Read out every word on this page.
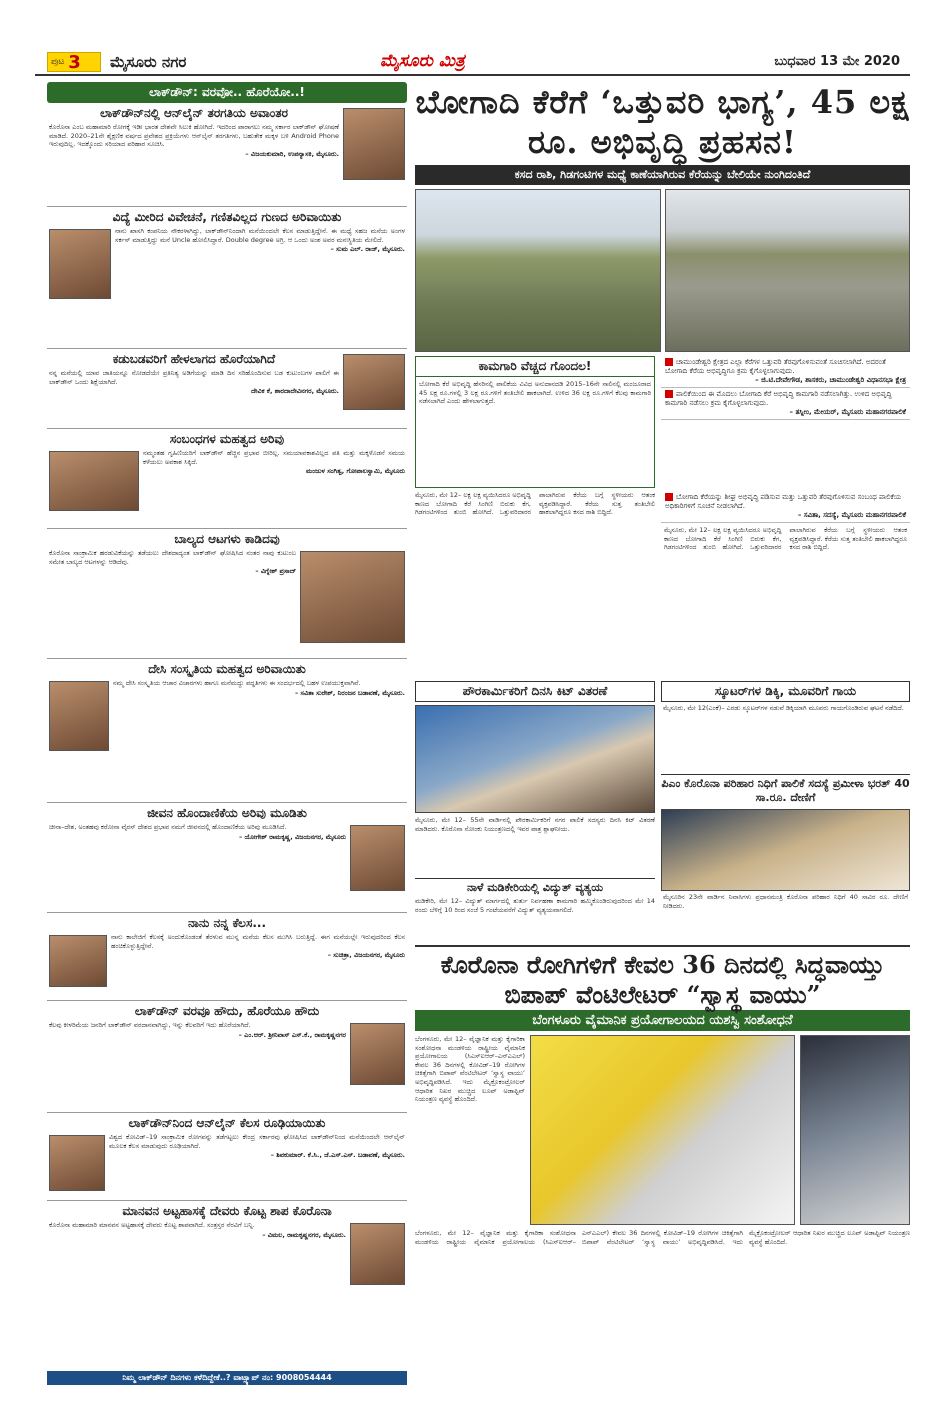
ಪುಟ 3 ಮೈಸೂರು ನಗರ	ಮೈಸೂರು ಮಿತ್ರ	ಬುಧವಾರ 13 ಮೇ 2020
ಲಾಕ್‌ಡೌನ್: ವರವೋ.. ಹೊರೆಯೋ..!
ಲಾಕ್‌ಡೌನ್‌ನಲ್ಲಿ ಆನ್‌ಲೈನ್ ತರಗತಿಯ ಅವಾಂತರ
ಕೊರೊನಾ ಎಂಬ ಮಹಾಮಾರಿ ರೋಗಕ್ಕೆ ಇಡೀ ಭಾರತ ದೇಶವೇ ಸಿಲುಕಿ ಹೋಗಿದೆ. ಇದರಿಂದ ಪಾರಾಗಲು ನಮ್ಮ ಸರ್ಕಾರ ಲಾಕ್‌ಡೌನ್ ಘೋಷಣೆ ಮಾಡಿದೆ. 2020–21ನೇ ಶೈಕ್ಷಣಿಕ ವರ್ಷದ ಪ್ರವೇಶದ ಪ್ರಕ್ರಿಯೆಗಳು ಆನ್‌ಲೈನ್ ತರಗತಿಗಳು, ಬಹುತೇಕ ಮಕ್ಕಳ ಬಳಿ Android Phone ಇರುವುದಿಲ್ಲ. ಇದಕ್ಕೊಂದು ಸರಿಯಾದ ಪರಿಹಾರ ಸೂಚಿಸಿ.
– ವಿಜಯಕುಮಾರಿ, ಉಪನ್ಯಾಸಕಿ, ಮೈಸೂರು.
ವಿದ್ಯೆ ಮೀರಿದ ವಿವೇಚನೆ, ಗಣಿತವಿಲ್ಲದ ಗುಣದ ಅರಿವಾಯಿತು
ನಾನು ಖಾಸಗಿ ಕಂಪನಿಯ ನೌಕರಳಾಗಿದ್ದು, ಲಾಕ್‌ಡೌನ್‌ನಿಂದಾಗಿ ಮನೆಯಿಂದಲೇ ಕೆಲಸ ಮಾಡುತ್ತಿದ್ದೇನೆ. ಈ ಮಧ್ಯೆ ಸಹಜ ಮನೆಯ ಅಂಗಳ ಸರ್ಕಸ್ ಮಾಡುತ್ತಿದ್ದು ಮನೆ Uncle ಹೋಲಿಸಿದ್ದಾರೆ. Double degree ಅಗ್ರಿ. ಆ ಒಂದು ಅಂಶ ಅವರ ಮನಃಸ್ಥಿತಿಯ ಮೇಲಿದೆ.
– ಸುಮ ಎಲ್. ರಾಜ್, ಮೈಸೂರು.
ಕಡುಬಡವರಿಗೆ ಹೇಳಲಾಗದ ಹೊರೆಯಾಗಿದೆ
ನನ್ನ ಮನೆಯಲ್ಲಿ ಯಾವ ಜಾತಿಯನ್ನೂ ನೋಡದೆಯೇ ಪ್ರತಿನಿತ್ಯ ಅಡಿಗೆಯನ್ನು ಮಾಡಿ ದಿನ ಸರಿಹೊಂದಿಸುವ ಬಡ ಕುಟುಂಬಗಳ ಪಾಲಿಗೆ ಈ ಲಾಕ್‌ಡೌನ್ ಒಂದು ಶಿಕ್ಷೆಯಾಗಿದೆ.
ದೇವಿಕ ಕೆ, ಶಾರದಾದೇವಿನಗರ, ಮೈಸೂರು.
ಸಂಬಂಧಗಳ ಮಹತ್ವದ ಅರಿವು
ನಮ್ಮಂತಹ ಗೃಹಿಣಿಯರಿಗೆ ಲಾಕ್‌ಡೌನ್ ಹೆಚ್ಚಿನ ಪ್ರಭಾವ ಬೀರಿಲ್ಲ. ಸಮಯಾವಕಾಶವಿಲ್ಲದ ಪತಿ ಮತ್ತು ಮಕ್ಕಳೊಡನೆ ಸಮಯ ಕಳೆಯಲು ಅವಕಾಶ ಸಿಕ್ಕಿದೆ.
ಮಂಜುಳ ಸಂಗಿತ್ವ, ಗೋಪಾಲಸ್ವಾಮಿ, ಮೈಸೂರು
ಬಾಲ್ಯದ ಆಟಗಳು ಕಾಡಿದವು
ಕೊರೊನಾ ಸಾಂಕ್ರಾಮಿಕ ಹರಡುವಿಕೆಯನ್ನು ತಡೆಯಲು ದೇಶದಾದ್ಯಂತ ಲಾಕ್‌ಡೌನ್ ಘೋಷಿಸಿದ ನಂತರ ನಾವು ಕುಟುಂಬ ಸಮೇತ ಬಾಲ್ಯದ ಆಟಗಳನ್ನು ಆಡಿದೆವು.
– ವಿಗ್ನೇಶ್ ಪ್ರಸಾದ್
ದೇಸಿ ಸಂಸ್ಕೃತಿಯ ಮಹತ್ವದ ಅರಿವಾಯಿತು
ನಮ್ಮ ದೇಸಿ ಸಂಸ್ಕೃತಿಯ ಆಚಾರ ವಿಚಾರಗಳು ಹಾಗೂ ಮನೆಮದ್ದು ಪದ್ಧತಿಗಳು ಈ ಸಂದರ್ಭದಲ್ಲಿ ಬಹಳ ಉಪಯುಕ್ತವಾಗಿವೆ.
– ಸವಿತಾ ಸುರೇಶ್, ನಿರಂಜನ ಬಡಾವಣೆ, ಮೈಸೂರು.
ಜೀವನ ಹೊಂದಾಣಿಕೆಯ ಅರಿವು ಮೂಡಿತು
ಚೀನಾ–ದೇಶ, ಅಂತಹವು ಕರೋನಾ ವೈರಸ್ ದೇಶದ ಪ್ರಭಾವ ನಮಗೆ ಜೀವನದಲ್ಲಿ ಹೊಂದಾಣಿಕೆಯ ಅರಿವು ಮೂಡಿಸಿದೆ.
– ಯೋಗೇಶ್ ರಾಮಕೃಷ್ಣ, ವಿಜಯನಗರ, ಮೈಸೂರು
ನಾನು ನನ್ನ ಕೆಲಸ...
ನಾನು ಕಾಲೇಜಿಗೆ ಕೆಲಸಕ್ಕೆ ಅಂದುಕೊಂಡಂತೆ ತೆರಳುವ ಮುನ್ನ ಮನೆಯ ಕೆಲಸ ಮುಗಿಸಿ ಬರುತ್ತಿದ್ದೆ. ಈಗ ಮನೆಯಲ್ಲೇ ಇರುವುದರಿಂದ ಕೆಲಸ ಹಂಚಿಕೊಳ್ಳುತ್ತಿದ್ದೇವೆ.
– ಸುಚಿತ್ರಾ, ವಿಜಯನಗರ, ಮೈಸೂರು
ಲಾಕ್‌ಡೌನ್ ವರವೂ ಹೌದು, ಹೊರೆಯೂ ಹೌದು
ಕೆಲವು ಕೀಳರಿಮೆಯ ಜನರಿಗೆ ಲಾಕ್‌ಡೌನ್ ವರದಾನವಾಗಿದ್ದು, ಇನ್ನು ಕೆಲವರಿಗೆ ಇದು ಹೊರೆಯಾಗಿದೆ.
– ಎಂ.ಆರ್. ಶ್ರೀನಿವಾಸ್ ಎಸ್.ಕೆ., ರಾಮಕೃಷ್ಣನಗರ
ಲಾಕ್‌ಡೌನ್‌ನಿಂದ ಆನ್‌ಲೈನ್ ಕೆಲಸ ರೂಢಿಯಾಯಿತು
ವಿಶ್ವದ ಕೋವಿಡ್–19 ಸಾಂಕ್ರಾಮಿಕ ರೋಗವನ್ನು ತಡೆಗಟ್ಟಲು ಕೇಂದ್ರ ಸರ್ಕಾರವು ಘೋಷಿಸಿದ ಲಾಕ್‌ಡೌನ್‌ನಿಂದ ಮನೆಯಿಂದಲೇ ಆನ್‌ಲೈನ್ ಮೂಲಕ ಕೆಲಸ ಮಾಡುವುದು ರೂಢಿಯಾಗಿದೆ.
– ಶಿವಕುಮಾರ್. ಕೆ.ಸಿ., ಜೆ.ಎಸ್.ಎಸ್. ಬಡಾವಣೆ, ಮೈಸೂರು.
ಮಾನವನ ಅಟ್ಟಹಾಸಕ್ಕೆ ದೇವರು ಕೊಟ್ಟ ಶಾಪ ಕೊರೊನಾ
ಕೊರೊನಾ ಮಹಾಮಾರಿ ಮಾನವನ ಅಟ್ಟಹಾಸಕ್ಕೆ ದೇವರು ಕೊಟ್ಟ ಶಾಪವಾಗಿದೆ. ಸಂತ್ರಸ್ತರ ನೆರವಿಗೆ ಬನ್ನಿ.
– ವಿಮಲ, ರಾಮಕೃಷ್ಣನಗರ, ಮೈಸೂರು.
ನಿಮ್ಮ ಲಾಕ್‌ಡೌನ್ ದಿನಗಳು ಕಳೆದಿದ್ದೇಕೆ..? ವಾಟ್ಸ್ಯಾಪ್ ನಂ: 9008054444
ಬೋಗಾದಿ ಕೆರೆಗೆ ‘ಒತ್ತುವರಿ ಭಾಗ್ಯ’, 45 ಲಕ್ಷ ರೂ. ಅಭಿವೃದ್ಧಿ ಪ್ರಹಸನ!
ಕಸದ ರಾಶಿ, ಗಿಡಗಂಟಿಗಳ ಮಧ್ಯೆ ಕಾಣೆಯಾಗಿರುವ ಕೆರೆಯನ್ನು ಬೇಲಿಯೇ ನುಂಗಿದಂತಿದೆ
ಕಾಮಗಾರಿ ವೆಚ್ಚದ ಗೊಂದಲ!
ಬೋಗಾದಿ ಕೆರೆ ಅಭಿವೃದ್ಧಿ ಹೆಸರಿನಲ್ಲಿ ಪಾಲಿಕೆಯ ವಿವಿಧ ಅನುದಾನದಡಿ 2015–16ನೇ ಸಾಲಿನಲ್ಲಿ ಮಂಜೂರಾದ 45 ಲಕ್ಷ ರೂ.ಗಳಲ್ಲಿ 3 ಲಕ್ಷ ರೂ.ಗಳಿಗೆ ತಂತಿಬೇಲಿ ಹಾಕಲಾಗಿದೆ. ಉಳಿದ 36 ಲಕ್ಷ ರೂ.ಗಳಿಗೆ ಕೆಲವು ಕಾಮಗಾರಿ ನಡೆಸಲಾಗಿದೆ ಎಂದು ಹೇಳಲಾಗುತ್ತದೆ.
ಚಾಮುಂಡೇಶ್ವರಿ ಕ್ಷೇತ್ರದ ಎಲ್ಲಾ ಕೆರೆಗಳ ಒತ್ತುವರಿ ತೆರವುಗೊಳಿಸುವಂತೆ ಸೂಚಿಸಲಾಗಿದೆ. ಅದರಂತೆ ಬೋಗಾದಿ ಕೆರೆಯ ಅಭಿವೃದ್ಧಿಗೂ ಕ್ರಮ ಕೈಗೊಳ್ಳಲಾಗುವುದು.
– ಜಿ.ಟಿ.ದೇವೇಗೌಡ, ಶಾಸಕರು, ಚಾಮುಂಡೇಶ್ವರಿ ವಿಧಾನಸಭಾ ಕ್ಷೇತ್ರ
ಪಾಲಿಕೆಯಿಂದ ಈ ಮೊದಲು ಬೋಗಾದಿ ಕೆರೆ ಅಭಿವೃದ್ಧಿ ಕಾಮಗಾರಿ ನಡೆಸಲಾಗಿತ್ತು. ಉಳಿದ ಅಭಿವೃದ್ಧಿ ಕಾಮಗಾರಿ ನಡೆಸಲು ಕ್ರಮ ಕೈಗೊಳ್ಳಲಾಗುವುದು.
– ತಸ್ನೀಂ, ಮೇಯರ್, ಮೈಸೂರು ಮಹಾನಗರಪಾಲಿಕೆ
ಮೈಸೂರು, ಮೇ 12– ಲಕ್ಷ ಲಕ್ಷ ವ್ಯಯಿಸಿದರೂ ಅಭಿವೃದ್ಧಿ ಕಾಣದ ಬೋಗಾದಿ ಕೆರೆ ಸಿಂಗಿಣಿ ಬಿರುಕು ಕೆಗ, ಗಿಡಗಂಟಿಗಳಿಂದ ತುಂಬಿ ಹೋಗಿದೆ. ಒತ್ತುವರಿದಾರರ ಪಾಲಾಗಿರುವ ಕೆರೆಯ ಬಗ್ಗೆ ಸ್ಥಳೀಯರು ಆತಂಕ ವ್ಯಕ್ತಪಡಿಸಿದ್ದಾರೆ. ಕೆರೆಯ ಸುತ್ತ ತಂತಿಬೇಲಿ ಹಾಕಲಾಗಿದ್ದರೂ ಕಸದ ರಾಶಿ ಬಿದ್ದಿದೆ.
ಬೋಗಾದಿ ಕೆರೆಯನ್ನು ಶೀಘ್ರ ಅಭಿವೃದ್ಧಿ ಪಡಿಸುವ ಮತ್ತು ಒತ್ತುವರಿ ತೆರವುಗೊಳಿಸುವ ಸಂಬಂಧ ಪಾಲಿಕೆಯ ಅಧಿಕಾರಿಗಳಿಗೆ ಸೂಚನೆ ನೀಡಲಾಗಿದೆ.
– ಸವಿತಾ, ಸದಸ್ಯೆ, ಮೈಸೂರು ಮಹಾನಗರಪಾಲಿಕೆ
ಮೈಸೂರು, ಮೇ 12– ಲಕ್ಷ ಲಕ್ಷ ವ್ಯಯಿಸಿದರೂ ಅಭಿವೃದ್ಧಿ ಕಾಣದ ಬೋಗಾದಿ ಕೆರೆ ಸಿಂಗಿಣಿ ಬಿರುಕು ಕೆಗ, ಗಿಡಗಂಟಿಗಳಿಂದ ತುಂಬಿ ಹೋಗಿದೆ. ಒತ್ತುವರಿದಾರರ ಪಾಲಾಗಿರುವ ಕೆರೆಯ ಬಗ್ಗೆ ಸ್ಥಳೀಯರು ಆತಂಕ ವ್ಯಕ್ತಪಡಿಸಿದ್ದಾರೆ. ಕೆರೆಯ ಸುತ್ತ ತಂತಿಬೇಲಿ ಹಾಕಲಾಗಿದ್ದರೂ ಕಸದ ರಾಶಿ ಬಿದ್ದಿದೆ.
ಪೌರಕಾರ್ಮಿಕರಿಗೆ ದಿನಸಿ ಕಿಟ್ ವಿತರಣೆ
ಮೈಸೂರು, ಮೇ 12– 55ನೇ ವಾರ್ಡಿನಲ್ಲಿ ಪೌರಕಾರ್ಮಿಕರಿಗೆ ನಗರ ಪಾಲಿಕೆ ಸದಸ್ಯರು ದಿನಸಿ ಕಿಟ್ ವಿತರಣೆ ಮಾಡಿದರು. ಕೊರೊನಾ ಸೋಂಕು ನಿಯಂತ್ರಣದಲ್ಲಿ ಇವರ ಪಾತ್ರ ಶ್ಲಾಘನೀಯ.
ನಾಳೆ ಮಡಿಕೇರಿಯಲ್ಲಿ ವಿದ್ಯುತ್ ವ್ಯತ್ಯಯ
ಮಡಿಕೇರಿ, ಮೇ 12– ವಿದ್ಯುತ್ ಮಾರ್ಗದಲ್ಲಿ ತುರ್ತು ನಿರ್ವಹಣಾ ಕಾಮಗಾರಿ ಹಮ್ಮಿಕೊಂಡಿರುವುದರಿಂದ ಮೇ 14 ರಂದು ಬೆಳಿಗ್ಗೆ 10 ರಿಂದ ಸಂಜೆ 5 ಗಂಟೆಯವರೆಗೆ ವಿದ್ಯುತ್ ವ್ಯತ್ಯಯವಾಗಲಿದೆ.
ಸ್ಕೂಟರ್‌ಗಳ ಡಿಕ್ಕಿ, ಮೂವರಿಗೆ ಗಾಯ
ಮೈಸೂರು, ಮೇ 12(ಎಂಕೆ)– ಎರಡು ಸ್ಕೂಟರ್‌ಗಳ ನಡುವೆ ಡಿಕ್ಕಿಯಾಗಿ ಮೂವರು ಗಾಯಗೊಂಡಿರುವ ಘಟನೆ ನಡೆದಿದೆ.
ಪಿಎಂ ಕೊರೊನಾ ಪರಿಹಾರ ನಿಧಿಗೆ ಪಾಲಿಕೆ ಸದಸ್ಯೆ ಪ್ರಮೀಳಾ ಭರತ್ 40 ಸಾ.ರೂ. ದೇಣಿಗೆ
ಮೈಸೂರಿನ 23ನೇ ವಾರ್ಡಿನ ನಿವಾಸಿಗಳು ಪ್ರಧಾನಮಂತ್ರಿ ಕೊರೊನಾ ಪರಿಹಾರ ನಿಧಿಗೆ 40 ಸಾವಿರ ರೂ. ದೇಣಿಗೆ ನೀಡಿದರು.
ಕೊರೊನಾ ರೋಗಿಗಳಿಗೆ ಕೇವಲ 36 ದಿನದಲ್ಲಿ ಸಿದ್ಧವಾಯ್ತು ಬಿಪಾಪ್ ವೆಂಟಿಲೇಟರ್ “ಸ್ವಾಸ್ಥ ವಾಯು”
ಬೆಂಗಳೂರು ವೈಮಾನಿಕ ಪ್ರಯೋಗಾಲಯದ ಯಶಸ್ವಿ ಸಂಶೋಧನೆ
ಬೆಂಗಳೂರು, ಮೇ 12– ವೈಜ್ಞಾನಿಕ ಮತ್ತು ಕೈಗಾರಿಕಾ ಸಂಶೋಧನಾ ಮಂಡಳಿಯ ರಾಷ್ಟ್ರೀಯ ವೈಮಾನಿಕ ಪ್ರಯೋಗಾಲಯ (ಸಿಎಸ್‌ಐಆರ್–ಎನ್‌ಎಎಲ್) ಕೇವಲ 36 ದಿನಗಳಲ್ಲಿ ಕೋವಿಡ್–19 ರೋಗಿಗಳ ಚಿಕಿತ್ಸೆಗಾಗಿ ಬಿಪಾಪ್ ವೆಂಟಿಲೇಟರ್ ‘ಸ್ವಾಸ್ಥ ವಾಯು’ ಅಭಿವೃದ್ಧಿಪಡಿಸಿದೆ. ಇದು ಮೈಕ್ರೊಕಂಟ್ರೋಲರ್ ಆಧಾರಿತ ನಿಖರ ಮುಚ್ಚಿದ ಲೂಪ್ ಅಡಾಪ್ಟಿವ್ ನಿಯಂತ್ರಣ ವ್ಯವಸ್ಥೆ ಹೊಂದಿದೆ.
ಬೆಂಗಳೂರು, ಮೇ 12– ವೈಜ್ಞಾನಿಕ ಮತ್ತು ಕೈಗಾರಿಕಾ ಸಂಶೋಧನಾ ಮಂಡಳಿಯ ರಾಷ್ಟ್ರೀಯ ವೈಮಾನಿಕ ಪ್ರಯೋಗಾಲಯ (ಸಿಎಸ್‌ಐಆರ್–ಎನ್‌ಎಎಲ್) ಕೇವಲ 36 ದಿನಗಳಲ್ಲಿ ಕೋವಿಡ್–19 ರೋಗಿಗಳ ಚಿಕಿತ್ಸೆಗಾಗಿ ಬಿಪಾಪ್ ವೆಂಟಿಲೇಟರ್ ‘ಸ್ವಾಸ್ಥ ವಾಯು’ ಅಭಿವೃದ್ಧಿಪಡಿಸಿದೆ. ಇದು ಮೈಕ್ರೊಕಂಟ್ರೋಲರ್ ಆಧಾರಿತ ನಿಖರ ಮುಚ್ಚಿದ ಲೂಪ್ ಅಡಾಪ್ಟಿವ್ ನಿಯಂತ್ರಣ ವ್ಯವಸ್ಥೆ ಹೊಂದಿದೆ.
